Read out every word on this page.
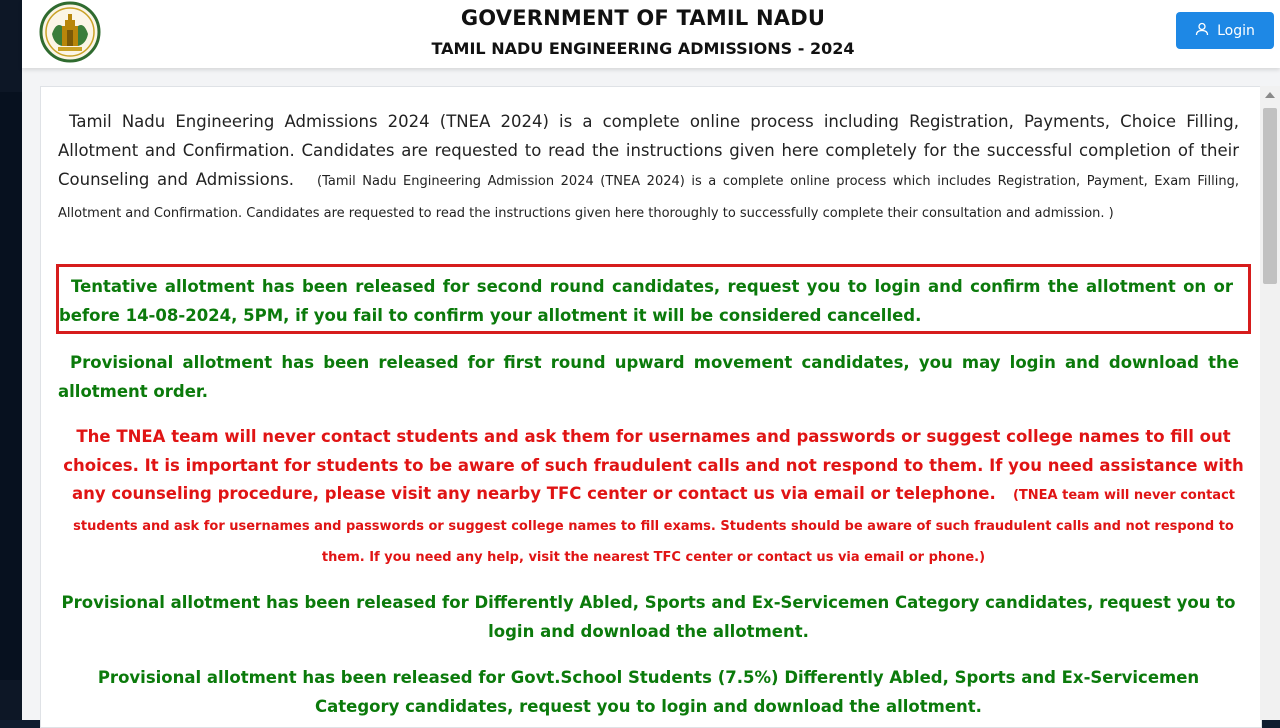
GOVERNMENT OF TAMIL NADU
TAMIL NADU ENGINEERING ADMISSIONS - 2024
Login

Tamil Nadu Engineering Admissions 2024 (TNEA 2024) is a complete online process including Registration, Payments, Choice Filling, Allotment and Confirmation. Candidates are requested to read the instructions given here completely for the successful completion of their Counseling and Admissions. (Tamil Nadu Engineering Admission 2024 (TNEA 2024) is a complete online process which includes Registration, Payment, Exam Filling, Allotment and Confirmation. Candidates are requested to read the instructions given here thoroughly to successfully complete their consultation and admission. )

Tentative allotment has been released for second round candidates, request you to login and confirm the allotment on or before 14-08-2024, 5PM, if you fail to confirm your allotment it will be considered cancelled.

Provisional allotment has been released for first round upward movement candidates, you may login and download the allotment order.

The TNEA team will never contact students and ask them for usernames and passwords or suggest college names to fill out choices. It is important for students to be aware of such fraudulent calls and not respond to them. If you need assistance with any counseling procedure, please visit any nearby TFC center or contact us via email or telephone. (TNEA team will never contact students and ask for usernames and passwords or suggest college names to fill exams. Students should be aware of such fraudulent calls and not respond to them. If you need any help, visit the nearest TFC center or contact us via email or phone.)

Provisional allotment has been released for Differently Abled, Sports and Ex-Servicemen Category candidates, request you to login and download the allotment.

Provisional allotment has been released for Govt.School Students (7.5%) Differently Abled, Sports and Ex-Servicemen Category candidates, request you to login and download the allotment.
